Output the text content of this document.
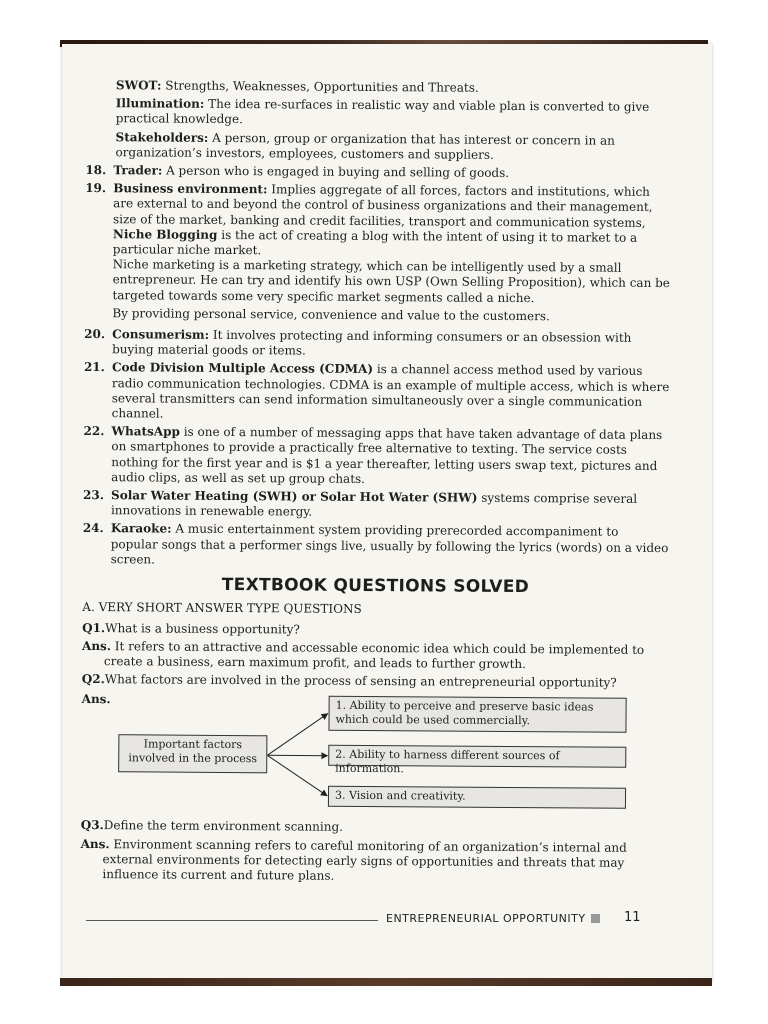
SWOT: Strengths, Weaknesses, Opportunities and Threats.

Illumination: The idea re-surfaces in realistic way and viable plan is converted to give practical knowledge.

Stakeholders: A person, group or organization that has interest or concern in an organization’s investors, employees, customers and suppliers.

18. Trader: A person who is engaged in buying and selling of goods.
19. Business environment: Implies aggregate of all forces, factors and institutions, which are external to and beyond the control of business organizations and their management, size of the market, banking and credit facilities, transport and communication systems, Niche Blogging is the act of creating a blog with the intent of using it to market to a particular niche market.

Niche marketing is a marketing strategy, which can be intelligently used by a small entrepreneur. He can try and identify his own USP (Own Selling Proposition), which can be targeted towards some very specific market segments called a niche.

By providing personal service, convenience and value to the customers.

20. Consumerism: It involves protecting and informing consumers or an obsession with buying material goods or items.
21. Code Division Multiple Access (CDMA) is a channel access method used by various radio communication technologies. CDMA is an example of multiple access, which is where several transmitters can send information simultaneously over a single communication channel.
22. WhatsApp is one of a number of messaging apps that have taken advantage of data plans on smartphones to provide a practically free alternative to texting. The service costs nothing for the first year and is $1 a year thereafter, letting users swap text, pictures and audio clips, as well as set up group chats.
23. Solar Water Heating (SWH) or Solar Hot Water (SHW) systems comprise several innovations in renewable energy.
24. Karaoke: A music entertainment system providing prerecorded accompaniment to popular songs that a performer sings live, usually by following the lyrics (words) on a video screen.
TEXTBOOK QUESTIONS SOLVED
A. VERY SHORT ANSWER TYPE QUESTIONS

Q1.What is a business opportunity?

Ans. It refers to an attractive and accessable economic idea which could be implemented to create a business, earn maximum profit, and leads to further growth.

Q2.What factors are involved in the process of sensing an entrepreneurial opportunity?

Ans.
Important factors involved in the process
1. Ability to perceive and preserve basic ideas which could be used commercially.
2. Ability to harness different sources of information.
3. Vision and creativity.

Q3.Define the term environment scanning.

Ans. Environment scanning refers to careful monitoring of an organization’s internal and external environments for detecting early signs of opportunities and threats that may influence its current and future plans.

ENTREPRENEURIAL OPPORTUNITY	11
